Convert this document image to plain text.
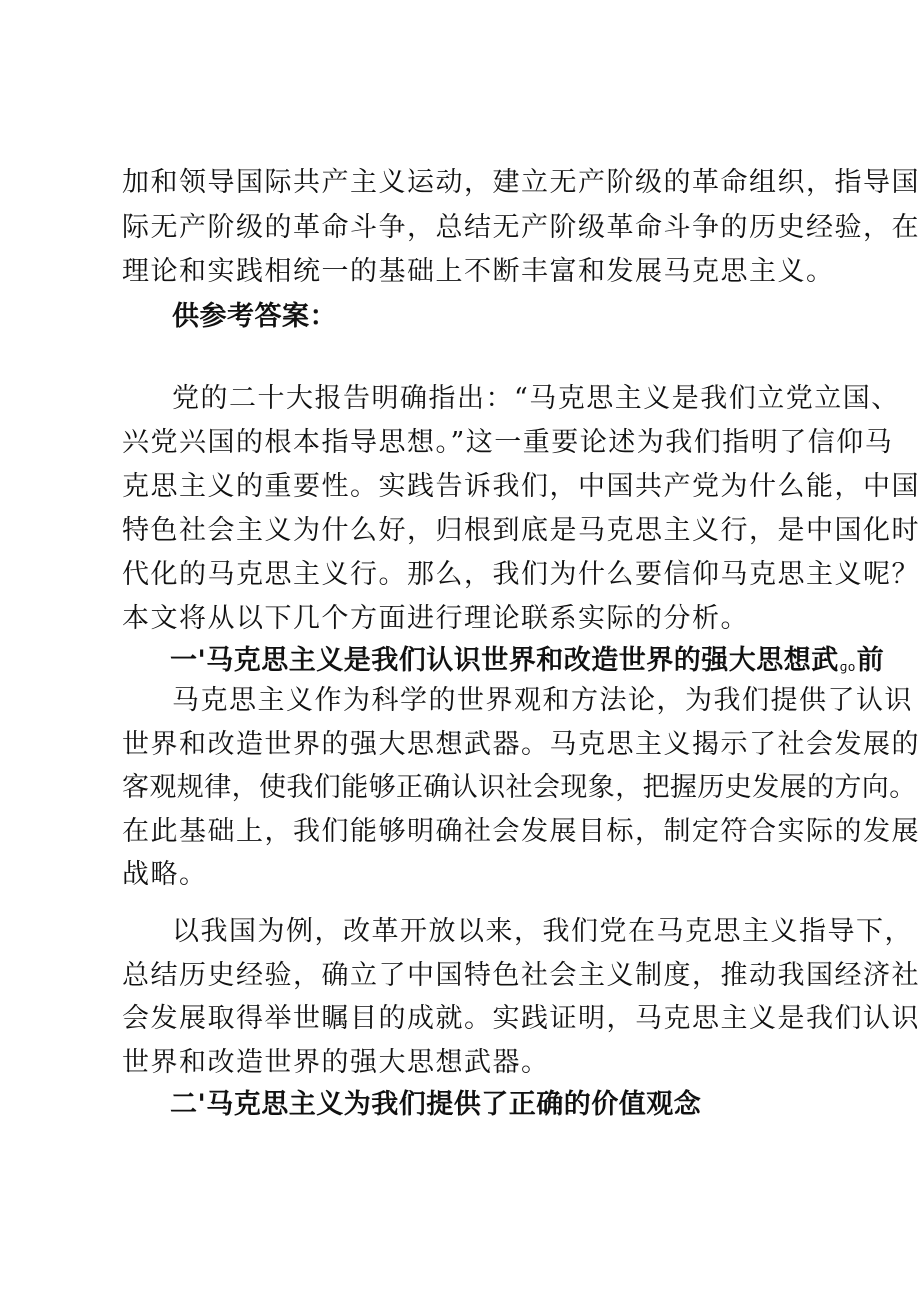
加和领导国际共产主义运动，建立无产阶级的革命组织，指导国
际无产阶级的革命斗争，总结无产阶级革命斗争的历史经验，在
理论和实践相统一的基础上不断丰富和发展马克思主义。
供参考答案：
党的二十大报告明确指出：“马克思主义是我们立党立国、
兴党兴国的根本指导思想。”这一重要论述为我们指明了信仰马
克思主义的重要性。实践告诉我们，中国共产党为什么能，中国
特色社会主义为什么好，归根到底是马克思主义行，是中国化时
代化的马克思主义行。那么，我们为什么要信仰马克思主义呢？
本文将从以下几个方面进行理论联系实际的分析。
一'马克思主义是我们认识世界和改造世界的强大思想武ɡo前
马克思主义作为科学的世界观和方法论，为我们提供了认识
世界和改造世界的强大思想武器。马克思主义揭示了社会发展的
客观规律，使我们能够正确认识社会现象，把握历史发展的方向。
在此基础上，我们能够明确社会发展目标，制定符合实际的发展
战略。
以我国为例，改革开放以来，我们党在马克思主义指导下，
总结历史经验，确立了中国特色社会主义制度，推动我国经济社
会发展取得举世瞩目的成就。实践证明，马克思主义是我们认识
世界和改造世界的强大思想武器。
二'马克思主义为我们提供了正确的价值观念
